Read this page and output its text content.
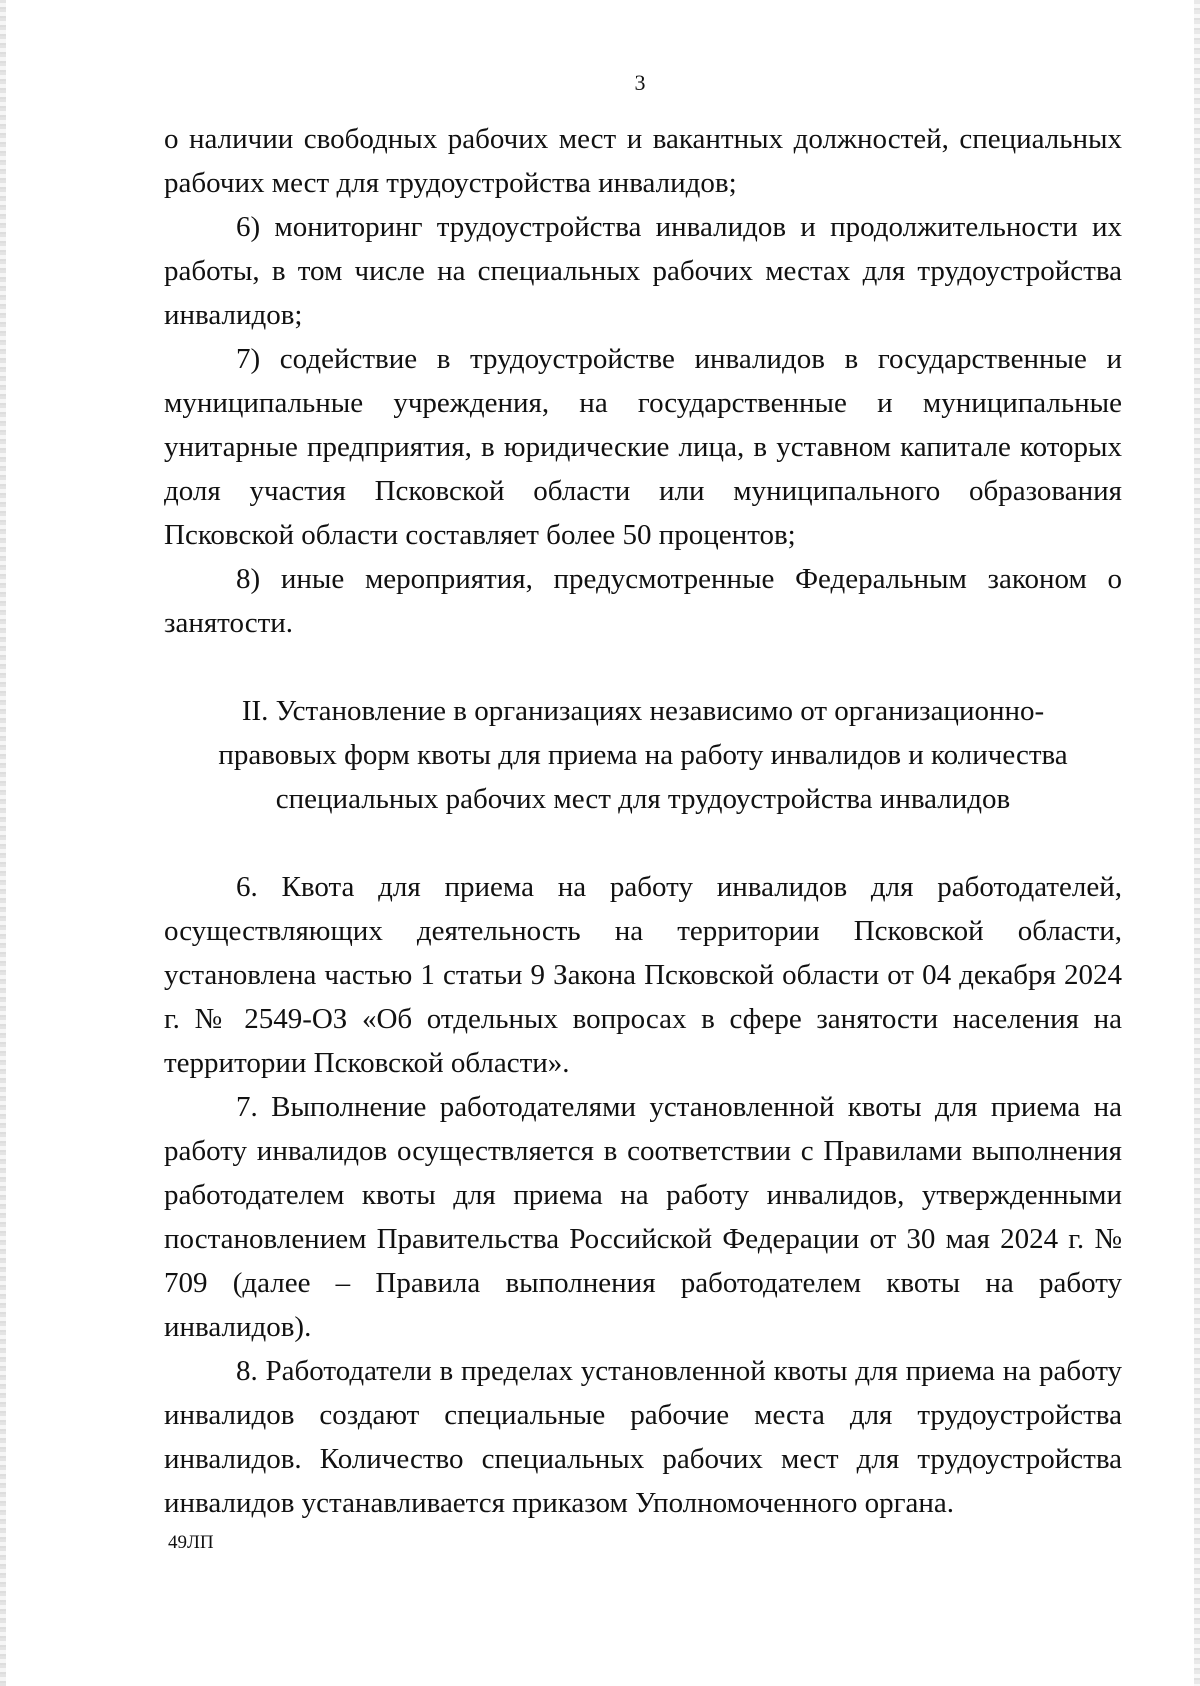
3

о наличии свободных рабочих мест и вакантных должностей, специальных рабочих мест для трудоустройства инвалидов;

6) мониторинг трудоустройства инвалидов и продолжительности их работы, в том числе на специальных рабочих местах для трудоустройства инвалидов;

7) содействие в трудоустройстве инвалидов в государственные и муниципальные учреждения, на государственные и муниципальные унитарные предприятия, в юридические лица, в уставном капитале которых доля участия Псковской области или муниципального образования Псковской области составляет более 50 процентов;

8) иные мероприятия, предусмотренные Федеральным законом о занятости.

II. Установление в организациях независимо от организационно-

правовых форм квоты для приема на работу инвалидов и количества

специальных рабочих мест для трудоустройства инвалидов

6. Квота для приема на работу инвалидов для работодателей, осуществляющих деятельность на территории Псковской области, установлена частью 1 статьи 9 Закона Псковской области от 04 декабря 2024 г. № 2549-ОЗ «Об отдельных вопросах в сфере занятости населения на территории Псковской области».

7. Выполнение работодателями установленной квоты для приема на работу инвалидов осуществляется в соответствии с Правилами выполнения работодателем квоты для приема на работу инвалидов, утвержденными постановлением Правительства Российской Федерации от 30 мая 2024 г. № 709 (далее – Правила выполнения работодателем квоты на работу инвалидов).

8. Работодатели в пределах установленной квоты для приема на работу инвалидов создают специальные рабочие места для трудоустройства инвалидов. Количество специальных рабочих мест для трудоустройства инвалидов устанавливается приказом Уполномоченного органа.

49ЛП
